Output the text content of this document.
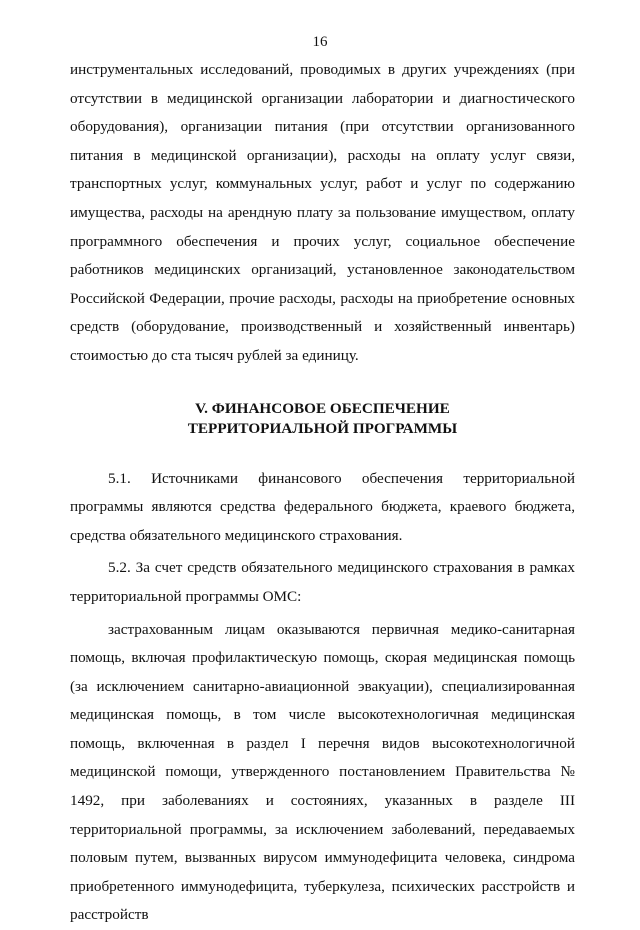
16

инструментальных исследований, проводимых в других учреждениях (при отсутствии в медицинской организации лаборатории и диагностического оборудования), организации питания (при отсутствии организованного питания в медицинской организации), расходы на оплату услуг связи, транспортных услуг, коммунальных услуг, работ и услуг по содержанию имущества, расходы на арендную плату за пользование имуществом, оплату программного обеспечения и прочих услуг, социальное обеспечение работников медицинских организаций, установленное законодательством Российской Федерации, прочие расходы, расходы на приобретение основных средств (оборудование, производственный и хозяйственный инвентарь) стоимостью до ста тысяч рублей за единицу.

V. ФИНАНСОВОЕ ОБЕСПЕЧЕНИЕ
ТЕРРИТОРИАЛЬНОЙ ПРОГРАММЫ

5.1. Источниками финансового обеспечения территориальной программы являются средства федерального бюджета, краевого бюджета, средства обязательного медицинского страхования.

5.2. За счет средств обязательного медицинского страхования в рамках территориальной программы ОМС:

застрахованным лицам оказываются первичная медико-санитарная помощь, включая профилактическую помощь, скорая медицинская помощь (за исключением санитарно-авиационной эвакуации), специализированная медицинская помощь, в том числе высокотехнологичная медицинская помощь, включенная в раздел I перечня видов высокотехнологичной медицинской помощи, утвержденного постановлением Правительства № 1492, при заболеваниях и состояниях, указанных в разделе III территориальной программы, за исключением заболеваний, передаваемых половым путем, вызванных вирусом иммунодефицита человека, синдрома приобретенного иммунодефицита, туберкулеза, психических расстройств и расстройств
